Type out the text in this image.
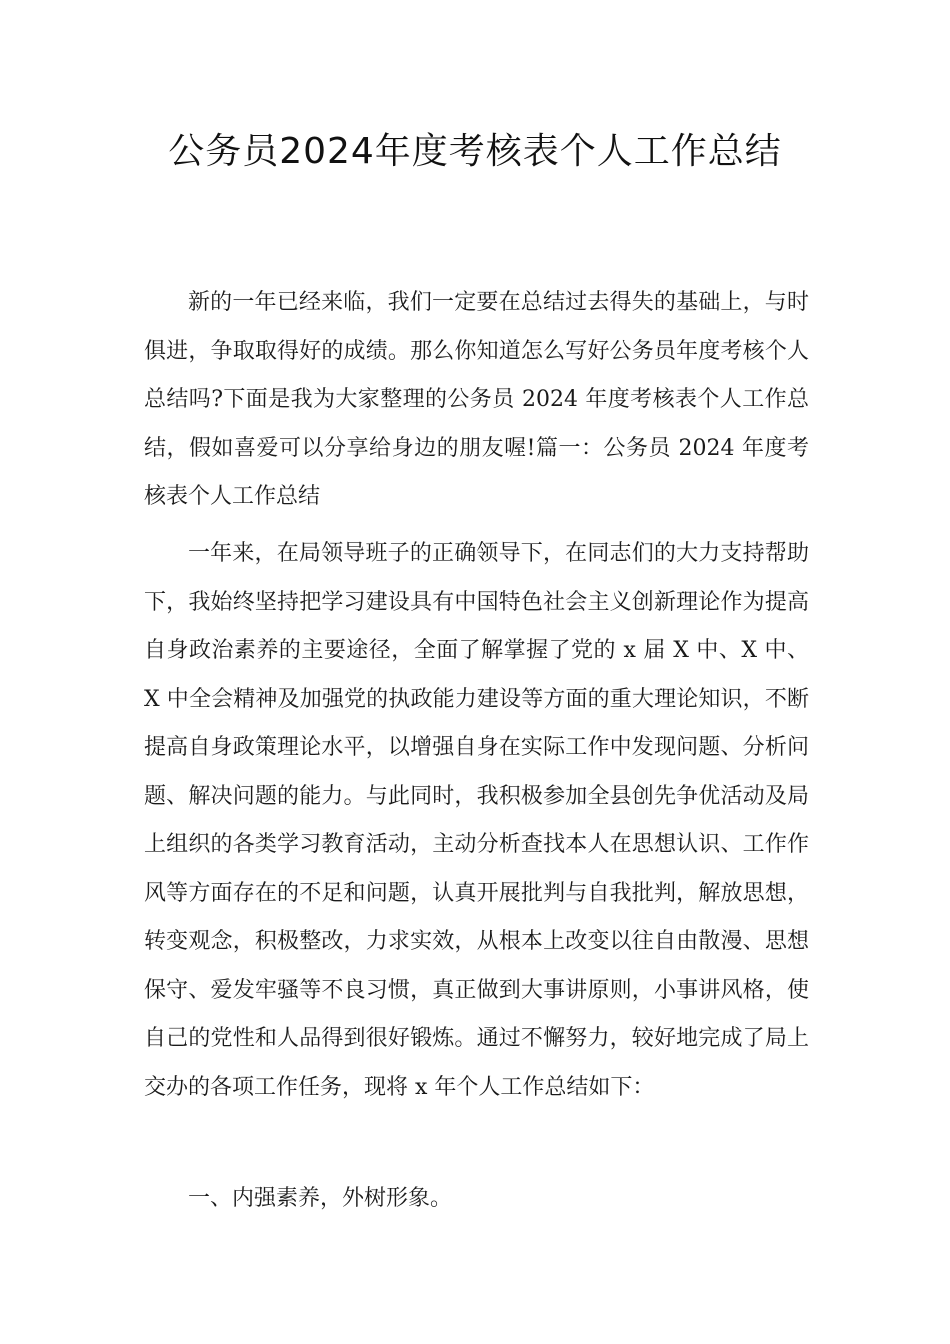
公务员2024年度考核表个人工作总结

新的一年已经来临，我们一定要在总结过去得失的基础上，与时俱进，争取取得好的成绩。那么你知道怎么写好公务员年度考核个人总结吗?下面是我为大家整理的公务员 2024 年度考核表个人工作总结，假如喜爱可以分享给身边的朋友喔!篇一：公务员 2024 年度考核表个人工作总结

一年来，在局领导班子的正确领导下，在同志们的大力支持帮助下，我始终坚持把学习建设具有中国特色社会主义创新理论作为提高自身政治素养的主要途径，全面了解掌握了党的 x 届 X 中、X 中、X 中全会精神及加强党的执政能力建设等方面的重大理论知识，不断提高自身政策理论水平，以增强自身在实际工作中发现问题、分析问题、解决问题的能力。与此同时，我积极参加全县创先争优活动及局上组织的各类学习教育活动，主动分析查找本人在思想认识、工作作风等方面存在的不足和问题，认真开展批判与自我批判，解放思想，转变观念，积极整改，力求实效，从根本上改变以往自由散漫、思想保守、爱发牢骚等不良习惯，真正做到大事讲原则，小事讲风格，使自己的党性和人品得到很好锻炼。通过不懈努力，较好地完成了局上交办的各项工作任务，现将 x 年个人工作总结如下：

一、内强素养，外树形象。
